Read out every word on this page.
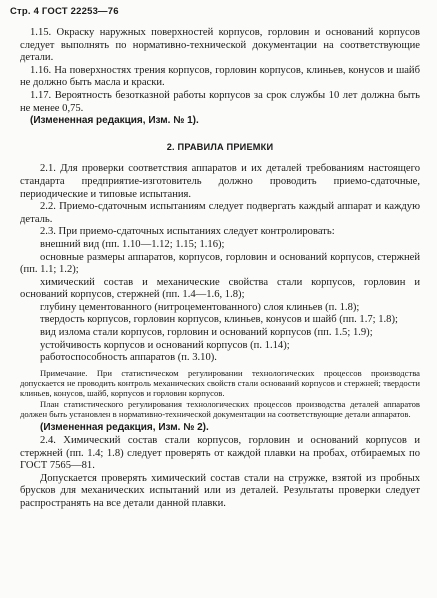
Стр. 4 ГОСТ 22253—76

1.15. Окраску наружных поверхностей корпусов, горловин и оснований корпусов следует выполнять по нормативно-технической документации на соответствующие детали.

1.16. На поверхностях трения корпусов, горловин корпусов, клиньев, конусов и шайб не должно быть масла и краски.

1.17. Вероятность безотказной работы корпусов за срок службы 10 лет должна быть не менее 0,75.

(Измененная редакция, Изм. № 1).

2. ПРАВИЛА ПРИЕМКИ

2.1. Для проверки соответствия аппаратов и их деталей требованиям настоящего стандарта предприятие-изготовитель должно проводить приемо-сдаточные, периодические и типовые испытания.

2.2. Приемо-сдаточным испытаниям следует подвергать каждый аппарат и каждую деталь.

2.3. При приемо-сдаточных испытаниях следует контролировать:

внешний вид (пп. 1.10—1.12; 1.15; 1.16);

основные размеры аппаратов, корпусов, горловин и оснований корпусов, стержней (пп. 1.1; 1.2);

химический состав и механические свойства стали корпусов, горловин и оснований корпусов, стержней (пп. 1.4—1.6, 1.8);

глубину цементованного (нитроцементованного) слоя клиньев (п. 1.8);

твердость корпусов, горловин корпусов, клиньев, конусов и шайб (пп. 1.7; 1.8);

вид излома стали корпусов, горловин и оснований корпусов (пп. 1.5; 1.9);

устойчивость корпусов и оснований корпусов (п. 1.14);

работоспособность аппаратов (п. 3.10).

Примечание. При статистическом регулировании технологических процессов производства допускается не проводить контроль механических свойств стали оснований корпусов и стержней; твердости клиньев, конусов, шайб, корпусов и горловин корпусов.

План статистического регулирования технологических процессов производства деталей аппаратов должен быть установлен в нормативно-технической документации на соответствующие детали аппаратов.

(Измененная редакция, Изм. № 2).

2.4. Химический состав стали корпусов, горловин и оснований корпусов и стержней (пп. 1.4; 1.8) следует проверять от каждой плавки на пробах, отбираемых по ГОСТ 7565—81.

Допускается проверять химический состав стали на стружке, взятой из пробных брусков для механических испытаний или из деталей. Результаты проверки следует распространять на все детали данной плавки.
